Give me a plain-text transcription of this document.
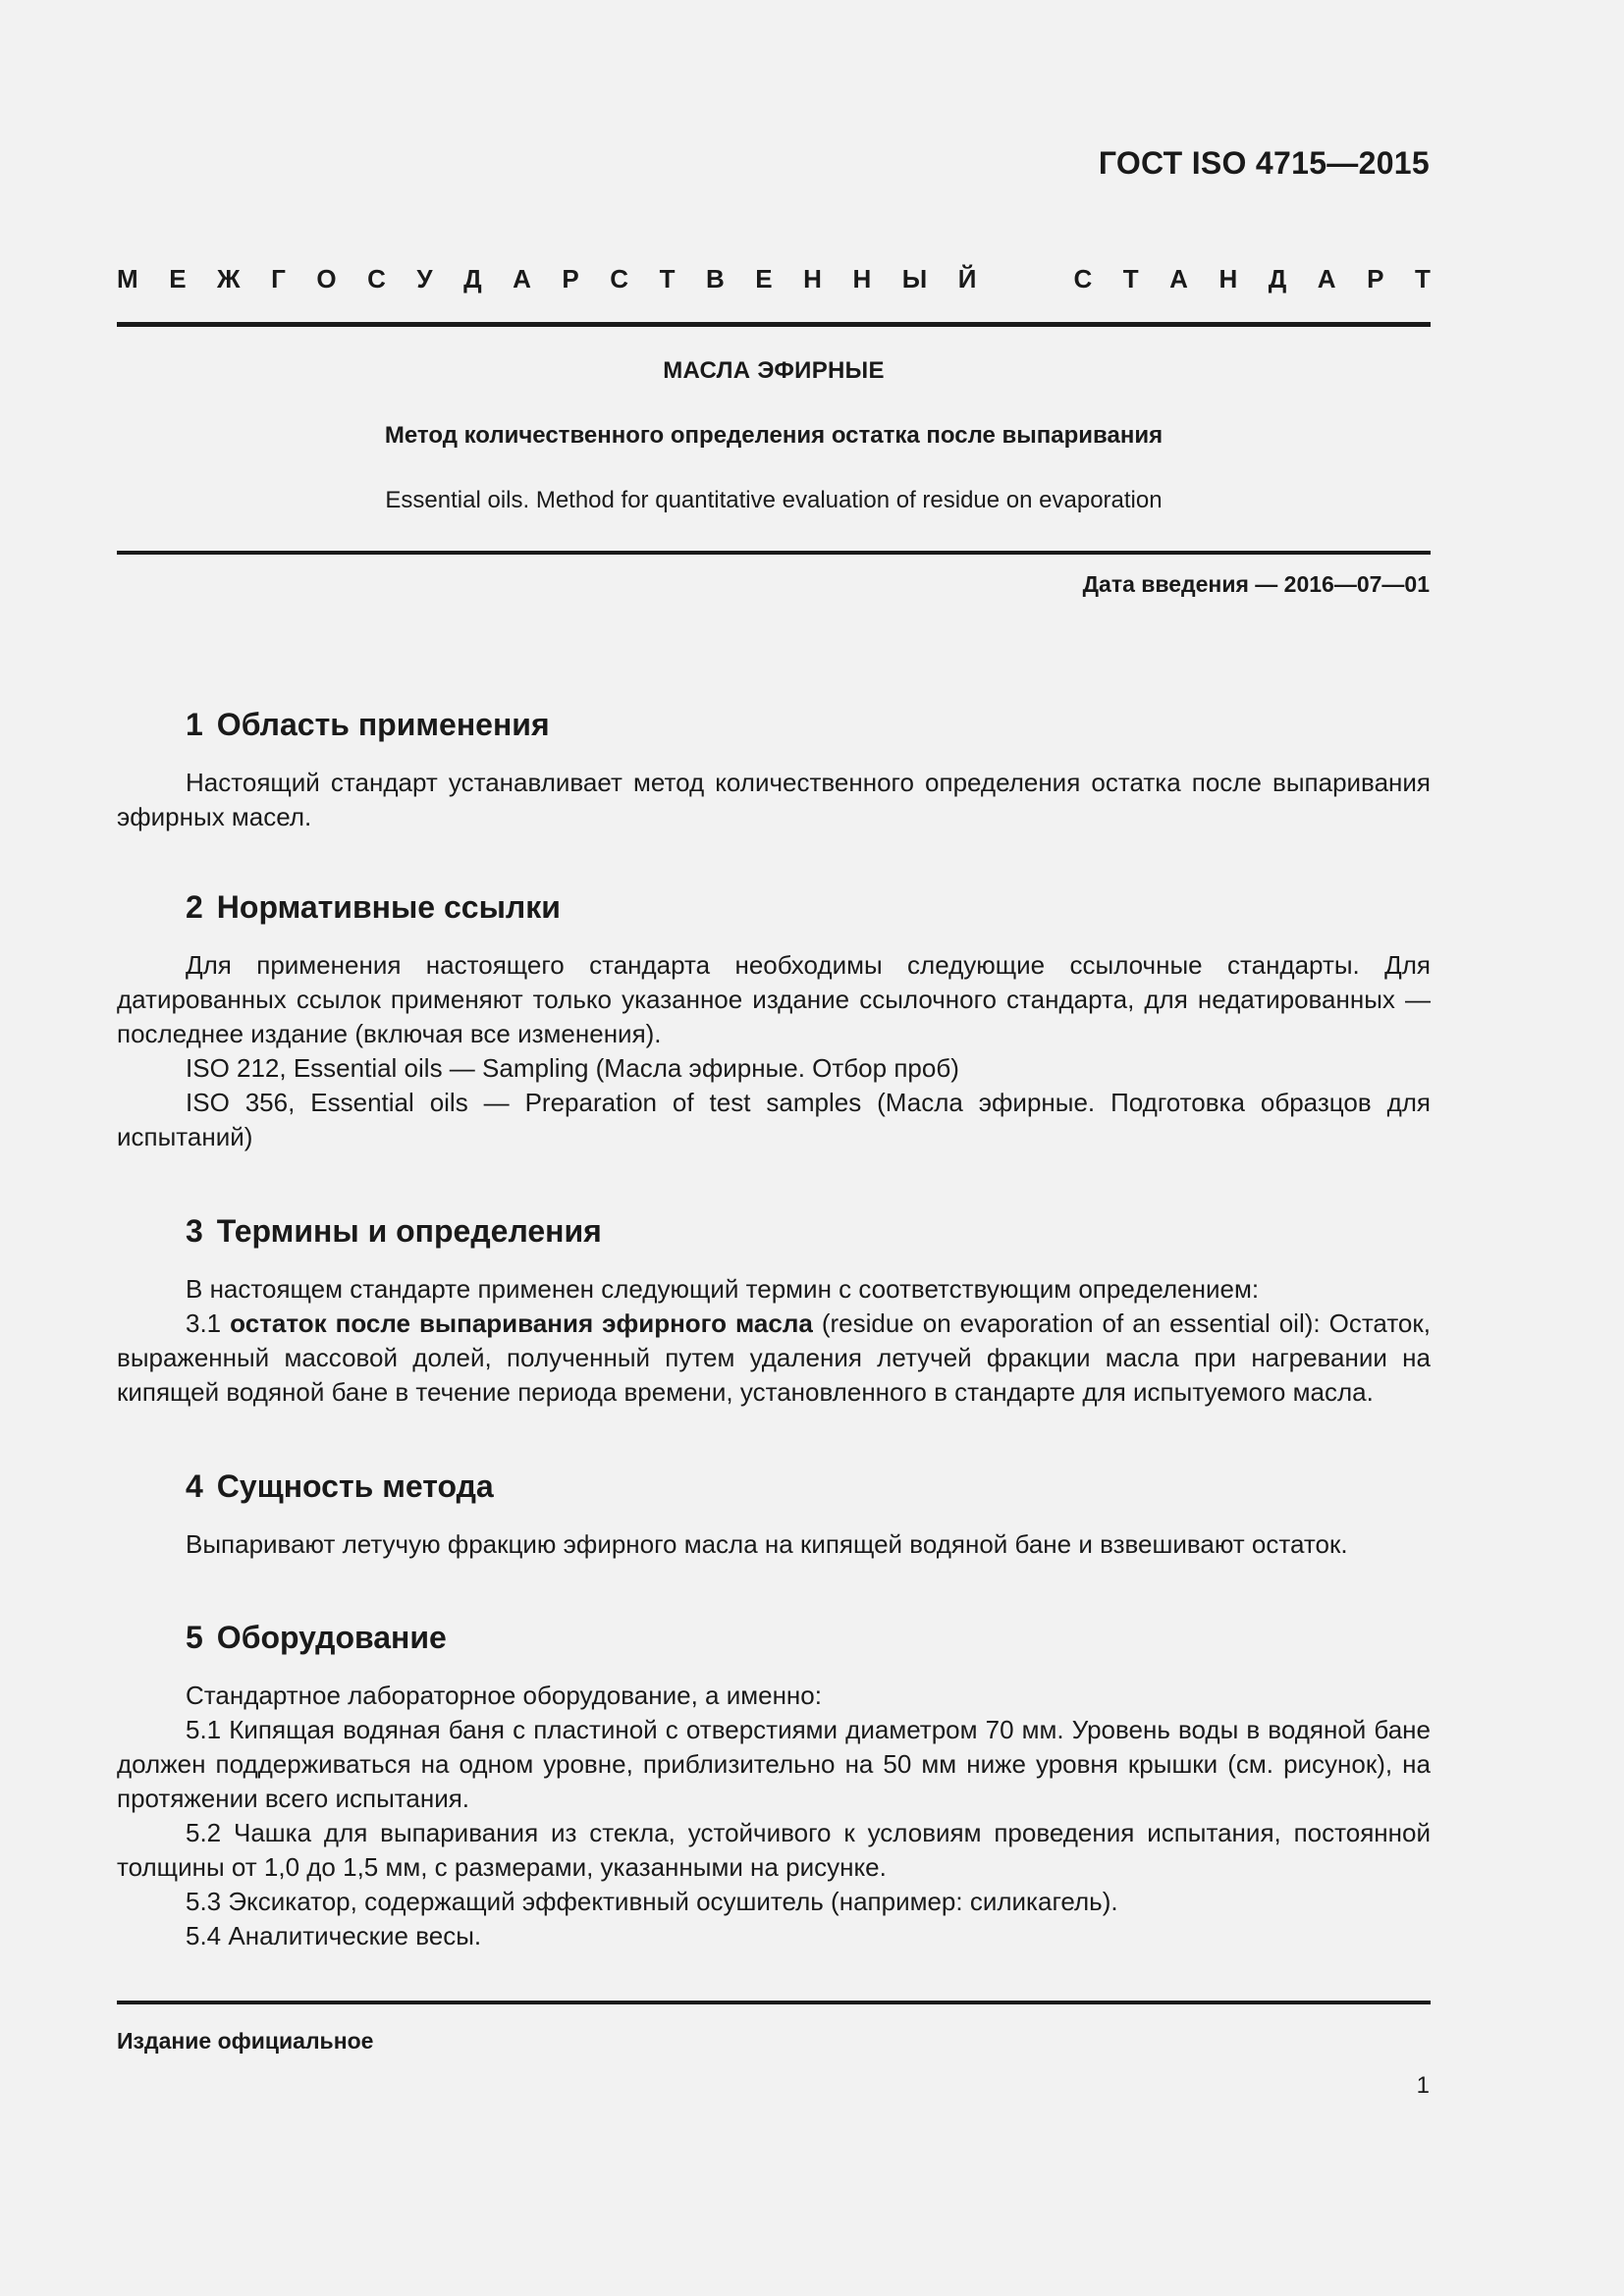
ГОСТ ISO 4715—2015

М Е Ж Г О С У Д А Р С Т В Е Н Н Ы Й	С Т А Н Д А Р Т

МАСЛА ЭФИРНЫЕ

Метод количественного определения остатка после выпаривания

Essential oils. Method for quantitative evaluation of residue on evaporation

Дата введения — 2016—07—01

1 Область применения

Настоящий стандарт устанавливает метод количественного определения остатка после выпаривания эфирных масел.

2 Нормативные ссылки

Для применения настоящего стандарта необходимы следующие ссылочные стандарты. Для датированных ссылок применяют только указанное издание ссылочного стандарта, для недатированных — последнее издание (включая все изменения).

ISO 212, Essential oils — Sampling (Масла эфирные. Отбор проб)

ISO 356, Essential oils — Preparation of test samples (Масла эфирные. Подготовка образцов для испытаний)

3 Термины и определения

В настоящем стандарте применен следующий термин с соответствующим определением:

3.1 остаток после выпаривания эфирного масла (residue on evaporation of an essential oil): Остаток, выраженный массовой долей, полученный путем удаления летучей фракции масла при нагревании на кипящей водяной бане в течение периода времени, установленного в стандарте для испытуемого масла.

4 Сущность метода

Выпаривают летучую фракцию эфирного масла на кипящей водяной бане и взвешивают остаток.

5 Оборудование

Стандартное лабораторное оборудование, а именно:

5.1 Кипящая водяная баня с пластиной с отверстиями диаметром 70 мм. Уровень воды в водяной бане должен поддерживаться на одном уровне, приблизительно на 50 мм ниже уровня крышки (см. рисунок), на протяжении всего испытания.

5.2 Чашка для выпаривания из стекла, устойчивого к условиям проведения испытания, постоянной толщины от 1,0 до 1,5 мм, с размерами, указанными на рисунке.

5.3 Эксикатор, содержащий эффективный осушитель (например: силикагель).

5.4 Аналитические весы.

Издание официальное

1
